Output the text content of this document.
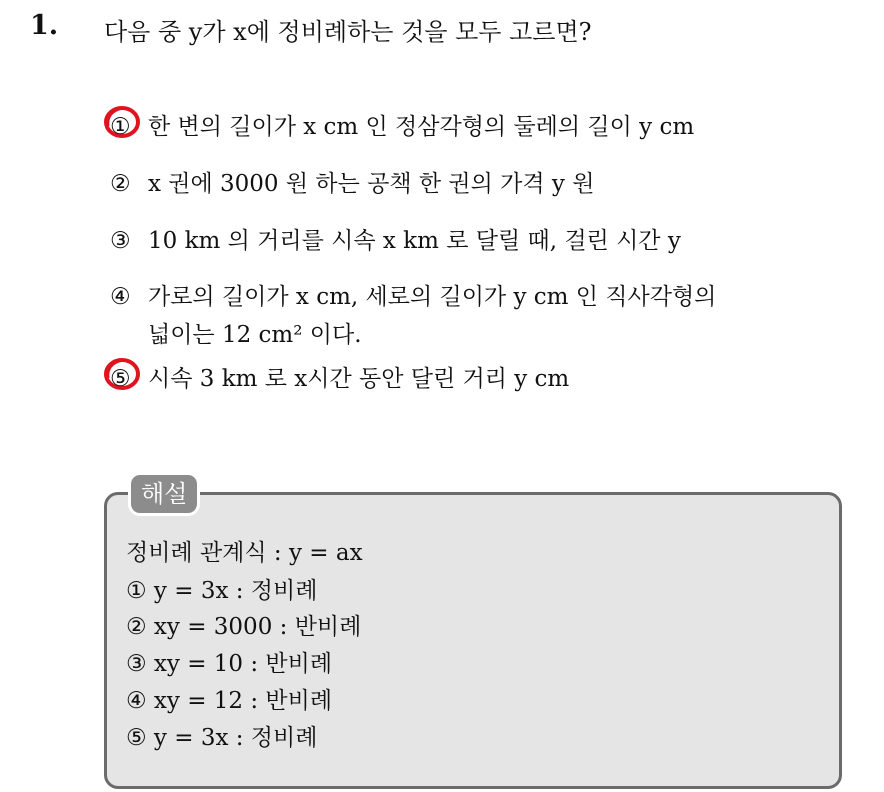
1. 다음 중 y가 x에 정비례하는 것을 모두 고르면?
① 한 변의 길이가 x cm 인 정삼각형의 둘레의 길이 y cm
② x 권에 3000 원 하는 공책 한 권의 가격 y 원
③ 10 km 의 거리를 시속 x km 로 달릴 때, 걸린 시간 y
④ 가로의 길이가 x cm, 세로의 길이가 y cm 인 직사각형의
넓이는 12 cm² 이다.
⑤ 시속 3 km 로 x시간 동안 달린 거리 y cm
해설
정비례 관계식 : y = ax
① y = 3x : 정비례
② xy = 3000 : 반비례
③ xy = 10 : 반비례
④ xy = 12 : 반비례
⑤ y = 3x : 정비례
